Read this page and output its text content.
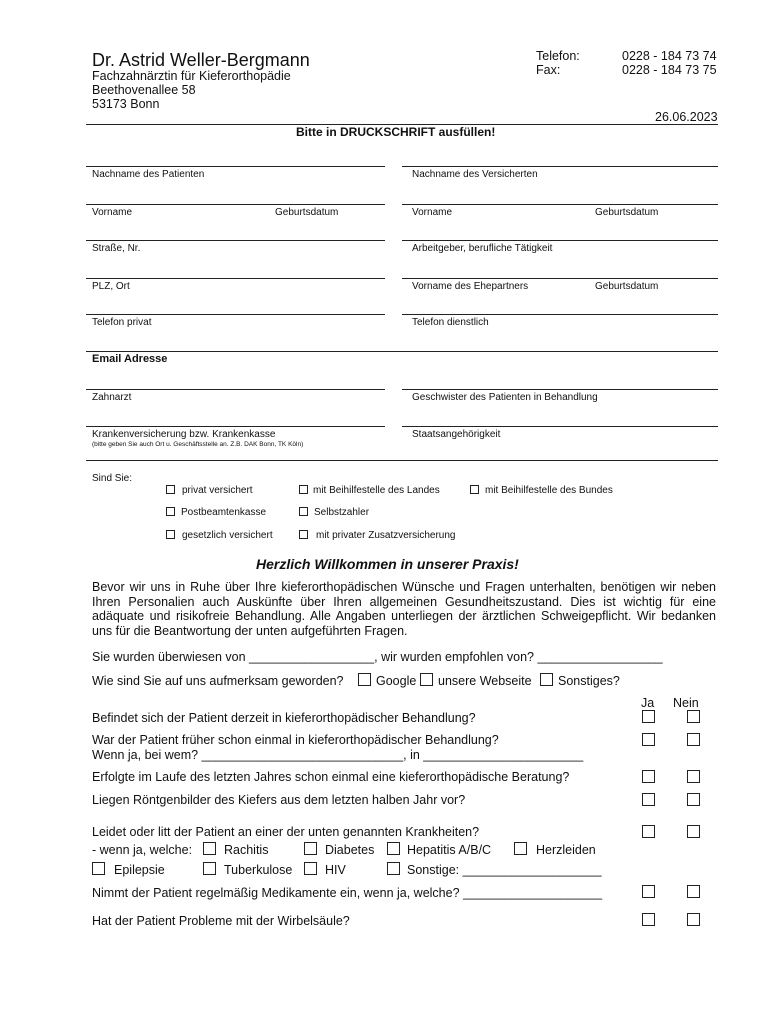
Dr. Astrid Weller-Bergmann
Fachzahnärztin für Kieferorthopädie
Beethovenallee 58
53173 Bonn
Telefon:	0228 - 184 73 74
Fax:	0228 - 184 73 75
26.06.2023
Bitte in DRUCKSCHRIFT ausfüllen!
Nachname des Patienten	Nachname des Versicherten
Vorname	Geburtsdatum	Vorname	Geburtsdatum
Straße, Nr.	Arbeitgeber, berufliche Tätigkeit
PLZ, Ort	Vorname des Ehepartners	Geburtsdatum
Telefon privat	Telefon dienstlich
Email Adresse
Zahnarzt	Geschwister des Patienten in Behandlung
Krankenversicherung bzw. Krankenkasse
(bitte geben Sie auch Ort u. Geschäftsstelle an. Z.B. DAK Bonn, TK Köln)
Staatsangehörigkeit
Sind Sie:
privat versichert	mit Beihilfestelle des Landes	mit Beihilfestelle des Bundes
Postbeamtenkasse	Selbstzahler
gesetzlich versichert	mit privater Zusatzversicherung
Herzlich Willkommen in unserer Praxis!
Bevor wir uns in Ruhe über Ihre kieferorthopädischen Wünsche und Fragen unterhalten, benötigen wir neben Ihren Personalien auch Auskünfte über Ihren allgemeinen Gesundheitszustand. Dies ist wichtig für eine adäquate und risikofreie Behandlung. Alle Angaben unterliegen der ärztlichen Schweigepflicht. Wir bedanken uns für die Beantwortung der unten aufgeführten Fragen.
Sie wurden überwiesen von __________________, wir wurden empfohlen von? __________________
Wie sind Sie auf uns aufmerksam geworden?	Google unsere Webseite Sonstiges?
Ja Nein
Befindet sich der Patient derzeit in kieferorthopädischer Behandlung?
War der Patient früher schon einmal in kieferorthopädischer Behandlung?
Wenn ja, bei wem? _____________________________, in _______________________
Erfolgte im Laufe des letzten Jahres schon einmal eine kieferorthopädische Beratung?
Liegen Röntgenbilder des Kiefers aus dem letzten halben Jahr vor?
Leidet oder litt der Patient an einer der unten genannten Krankheiten?
- wenn ja, welche:	Rachitis	Diabetes	Hepatitis A/B/C	Herzleiden
Epilepsie	Tuberkulose	HIV	Sonstige: ____________________
Nimmt der Patient regelmäßig Medikamente ein, wenn ja, welche? ____________________
Hat der Patient Probleme mit der Wirbelsäule?
